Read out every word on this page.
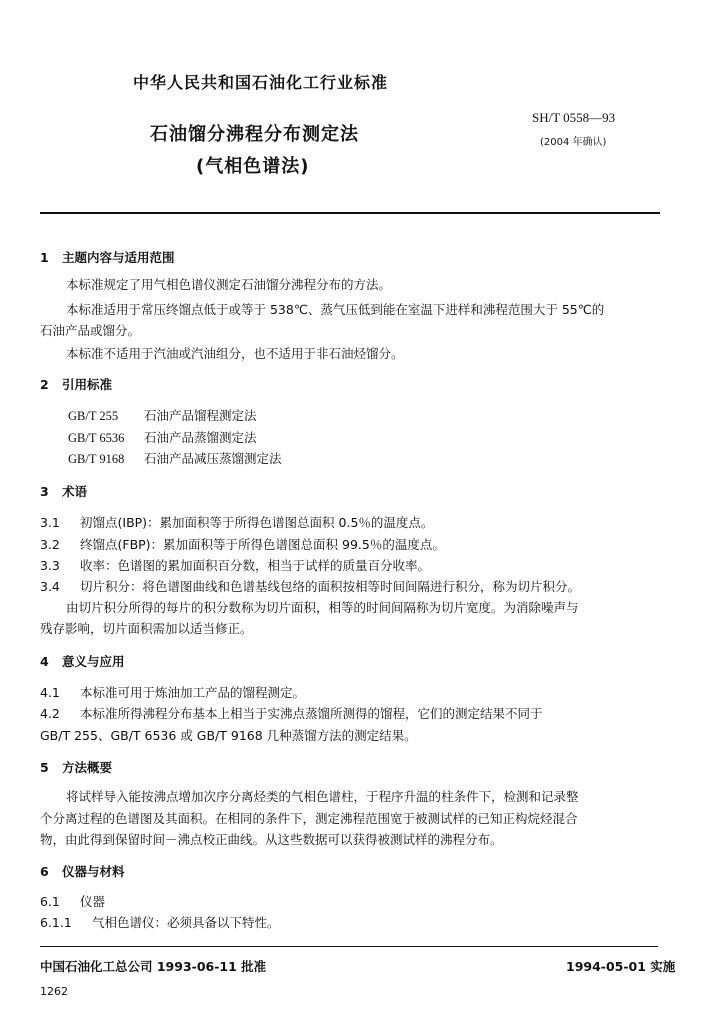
中华人民共和国石油化工行业标准
SH/T 0558—93
(2004 年确认)
石油馏分沸程分布测定法
(气相色谱法)
1 主题内容与适用范围
本标准规定了用气相色谱仪测定石油馏分沸程分布的方法。
本标准适用于常压终馏点低于或等于 538℃、蒸气压低到能在室温下进样和沸程范围大于 55℃的
石油产品或馏分。
本标准不适用于汽油或汽油组分，也不适用于非石油烃馏分。
2 引用标准
GB/T 255 石油产品馏程测定法
GB/T 6536 石油产品蒸馏测定法
GB/T 9168 石油产品减压蒸馏测定法
3 术语
3.1 初馏点(IBP)：累加面积等于所得色谱图总面积 0.5％的温度点。
3.2 终馏点(FBP)：累加面积等于所得色谱图总面积 99.5％的温度点。
3.3 收率：色谱图的累加面积百分数，相当于试样的质量百分收率。
3.4 切片积分：将色谱图曲线和色谱基线包络的面积按相等时间间隔进行积分，称为切片积分。
由切片积分所得的每片的积分数称为切片面积，相等的时间间隔称为切片宽度。为消除噪声与
残存影响，切片面积需加以适当修正。
4 意义与应用
4.1 本标准可用于炼油加工产品的馏程测定。
4.2 本标准所得沸程分布基本上相当于实沸点蒸馏所测得的馏程，它们的测定结果不同于
GB/T 255、GB/T 6536 或 GB/T 9168 几种蒸馏方法的测定结果。
5 方法概要
将试样导入能按沸点增加次序分离烃类的气相色谱柱，于程序升温的柱条件下，检测和记录整
个分离过程的色谱图及其面积。在相同的条件下，测定沸程范围宽于被测试样的已知正构烷烃混合
物，由此得到保留时间－沸点校正曲线。从这些数据可以获得被测试样的沸程分布。
6 仪器与材料
6.1 仪器
6.1.1 气相色谱仪：必须具备以下特性。
中国石油化工总公司 1993-06-11 批准	1994-05-01 实施
1262
